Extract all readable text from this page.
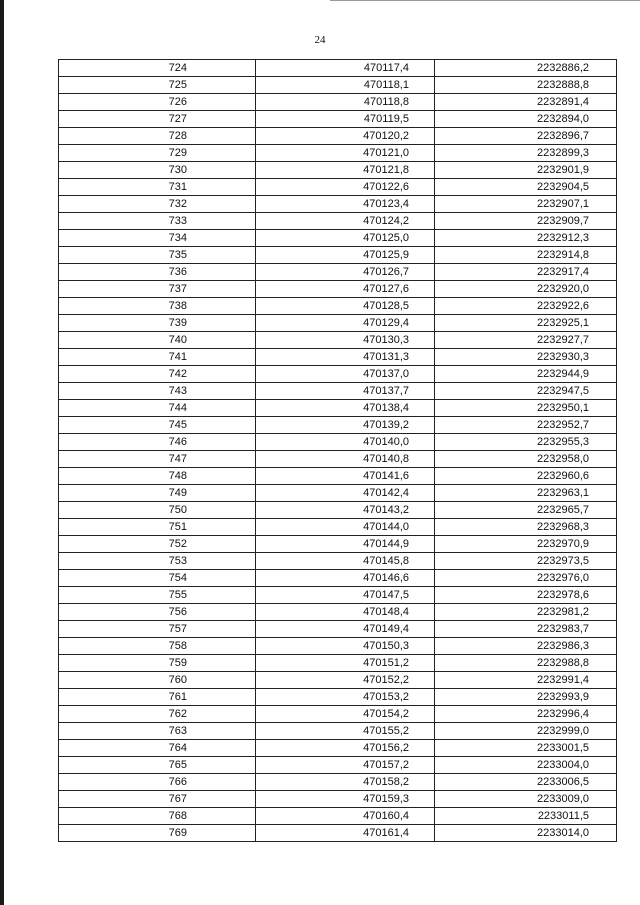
24
724	470117,4	2232886,2
725	470118,1	2232888,8
726	470118,8	2232891,4
727	470119,5	2232894,0
728	470120,2	2232896,7
729	470121,0	2232899,3
730	470121,8	2232901,9
731	470122,6	2232904,5
732	470123,4	2232907,1
733	470124,2	2232909,7
734	470125,0	2232912,3
735	470125,9	2232914,8
736	470126,7	2232917,4
737	470127,6	2232920,0
738	470128,5	2232922,6
739	470129,4	2232925,1
740	470130,3	2232927,7
741	470131,3	2232930,3
742	470137,0	2232944,9
743	470137,7	2232947,5
744	470138,4	2232950,1
745	470139,2	2232952,7
746	470140,0	2232955,3
747	470140,8	2232958,0
748	470141,6	2232960,6
749	470142,4	2232963,1
750	470143,2	2232965,7
751	470144,0	2232968,3
752	470144,9	2232970,9
753	470145,8	2232973,5
754	470146,6	2232976,0
755	470147,5	2232978,6
756	470148,4	2232981,2
757	470149,4	2232983,7
758	470150,3	2232986,3
759	470151,2	2232988,8
760	470152,2	2232991,4
761	470153,2	2232993,9
762	470154,2	2232996,4
763	470155,2	2232999,0
764	470156,2	2233001,5
765	470157,2	2233004,0
766	470158,2	2233006,5
767	470159,3	2233009,0
768	470160,4	2233011,5
769	470161,4	2233014,0
